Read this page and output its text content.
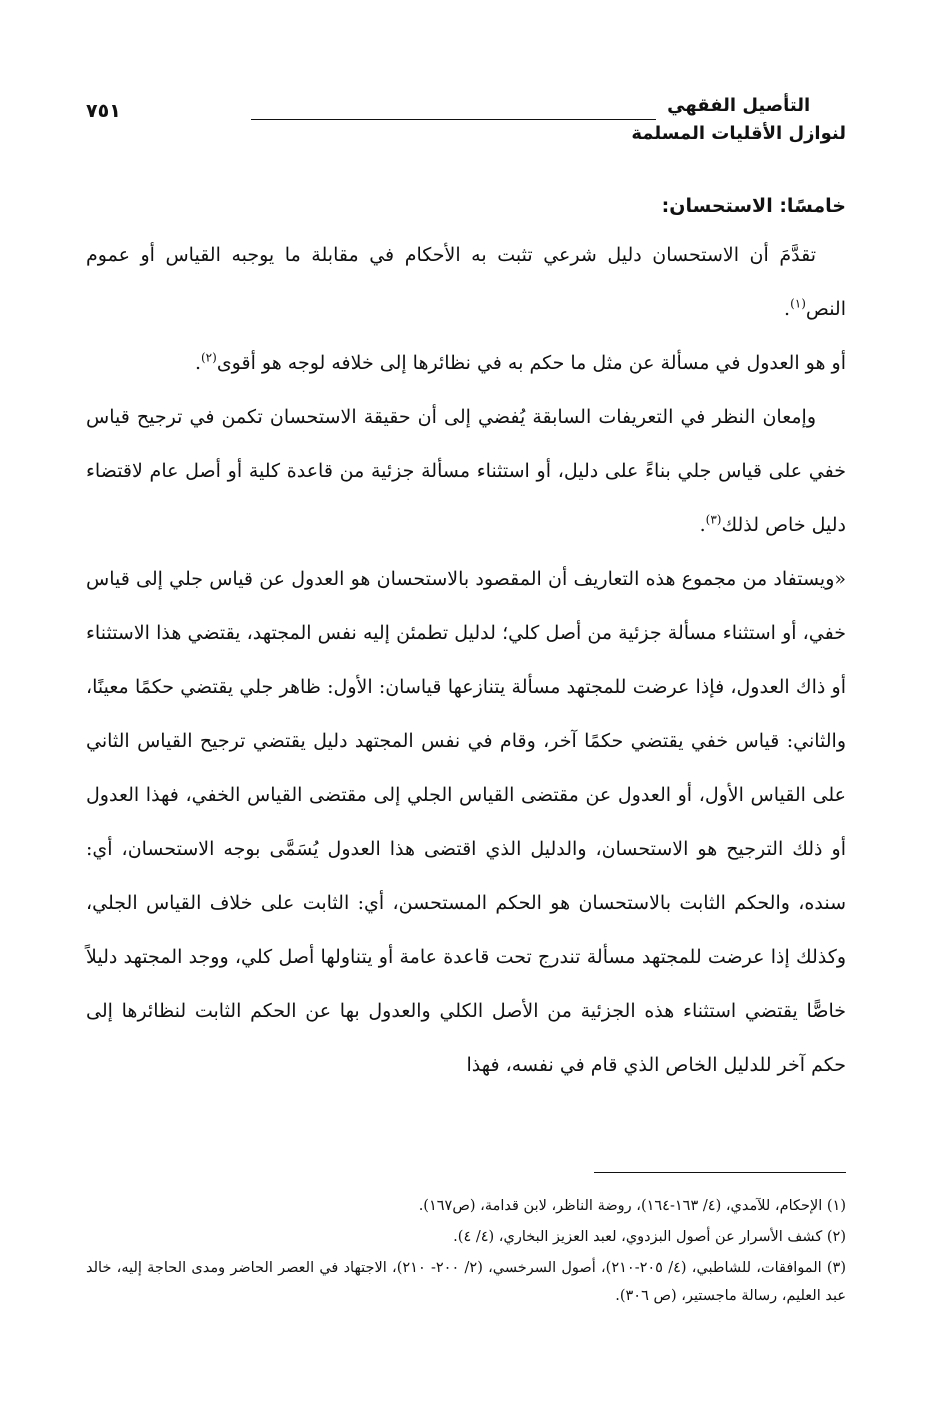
التأصيل الفقهي
لنوازل الأقليات المسلمة
٧٥١
خامسًا: الاستحسان:

تقدَّمَ أن الاستحسان دليل شرعي تثبت به الأحكام في مقابلة ما يوجبه القياس أو عموم النص$^{(١)}$.

أو هو العدول في مسألة عن مثل ما حكم به في نظائرها إلى خلافه لوجه هو أقوى$^{(٢)}$.

وإمعان النظر في التعريفات السابقة يُفضي إلى أن حقيقة الاستحسان تكمن في ترجيح قياس خفي على قياس جلي بناءً على دليل، أو استثناء مسألة جزئية من قاعدة كلية أو أصل عام لاقتضاء دليل خاص لذلك$^{(٣)}$.

«ويستفاد من مجموع هذه التعاريف أن المقصود بالاستحسان هو العدول عن قياس جلي إلى قياس خفي، أو استثناء مسألة جزئية من أصل كلي؛ لدليل تطمئن إليه نفس المجتهد، يقتضي هذا الاستثناء أو ذاك العدول، فإذا عرضت للمجتهد مسألة يتنازعها قياسان: الأول: ظاهر جلي يقتضي حكمًا معينًا، والثاني: قياس خفي يقتضي حكمًا آخر، وقام في نفس المجتهد دليل يقتضي ترجيح القياس الثاني على القياس الأول، أو العدول عن مقتضى القياس الجلي إلى مقتضى القياس الخفي، فهذا العدول أو ذلك الترجيح هو الاستحسان، والدليل الذي اقتضى هذا العدول يُسَمَّى بوجه الاستحسان، أي: سنده، والحكم الثابت بالاستحسان هو الحكم المستحسن، أي: الثابت على خلاف القياس الجلي، وكذلك إذا عرضت للمجتهد مسألة تندرج تحت قاعدة عامة أو يتناولها أصل كلي، ووجد المجتهد دليلاً خاصًّا يقتضي استثناء هذه الجزئية من الأصل الكلي والعدول بها عن الحكم الثابت لنظائرها إلى حكم آخر للدليل الخاص الذي قام في نفسه، فهذا

(١) الإحكام، للآمدي، (٤/ ١٦٣-١٦٤)، روضة الناظر، لابن قدامة، (ص١٦٧).

(٢) كشف الأسرار عن أصول البزدوي، لعبد العزيز البخاري، (٤/ ٤).

(٣) الموافقات، للشاطبي، (٤/ ٢٠٥-٢١٠)، أصول السرخسي، (٢/ ٢٠٠- ٢١٠)، الاجتهاد في العصر الحاضر ومدى الحاجة إليه، خالد عبد العليم، رسالة ماجستير، (ص ٣٠٦).
